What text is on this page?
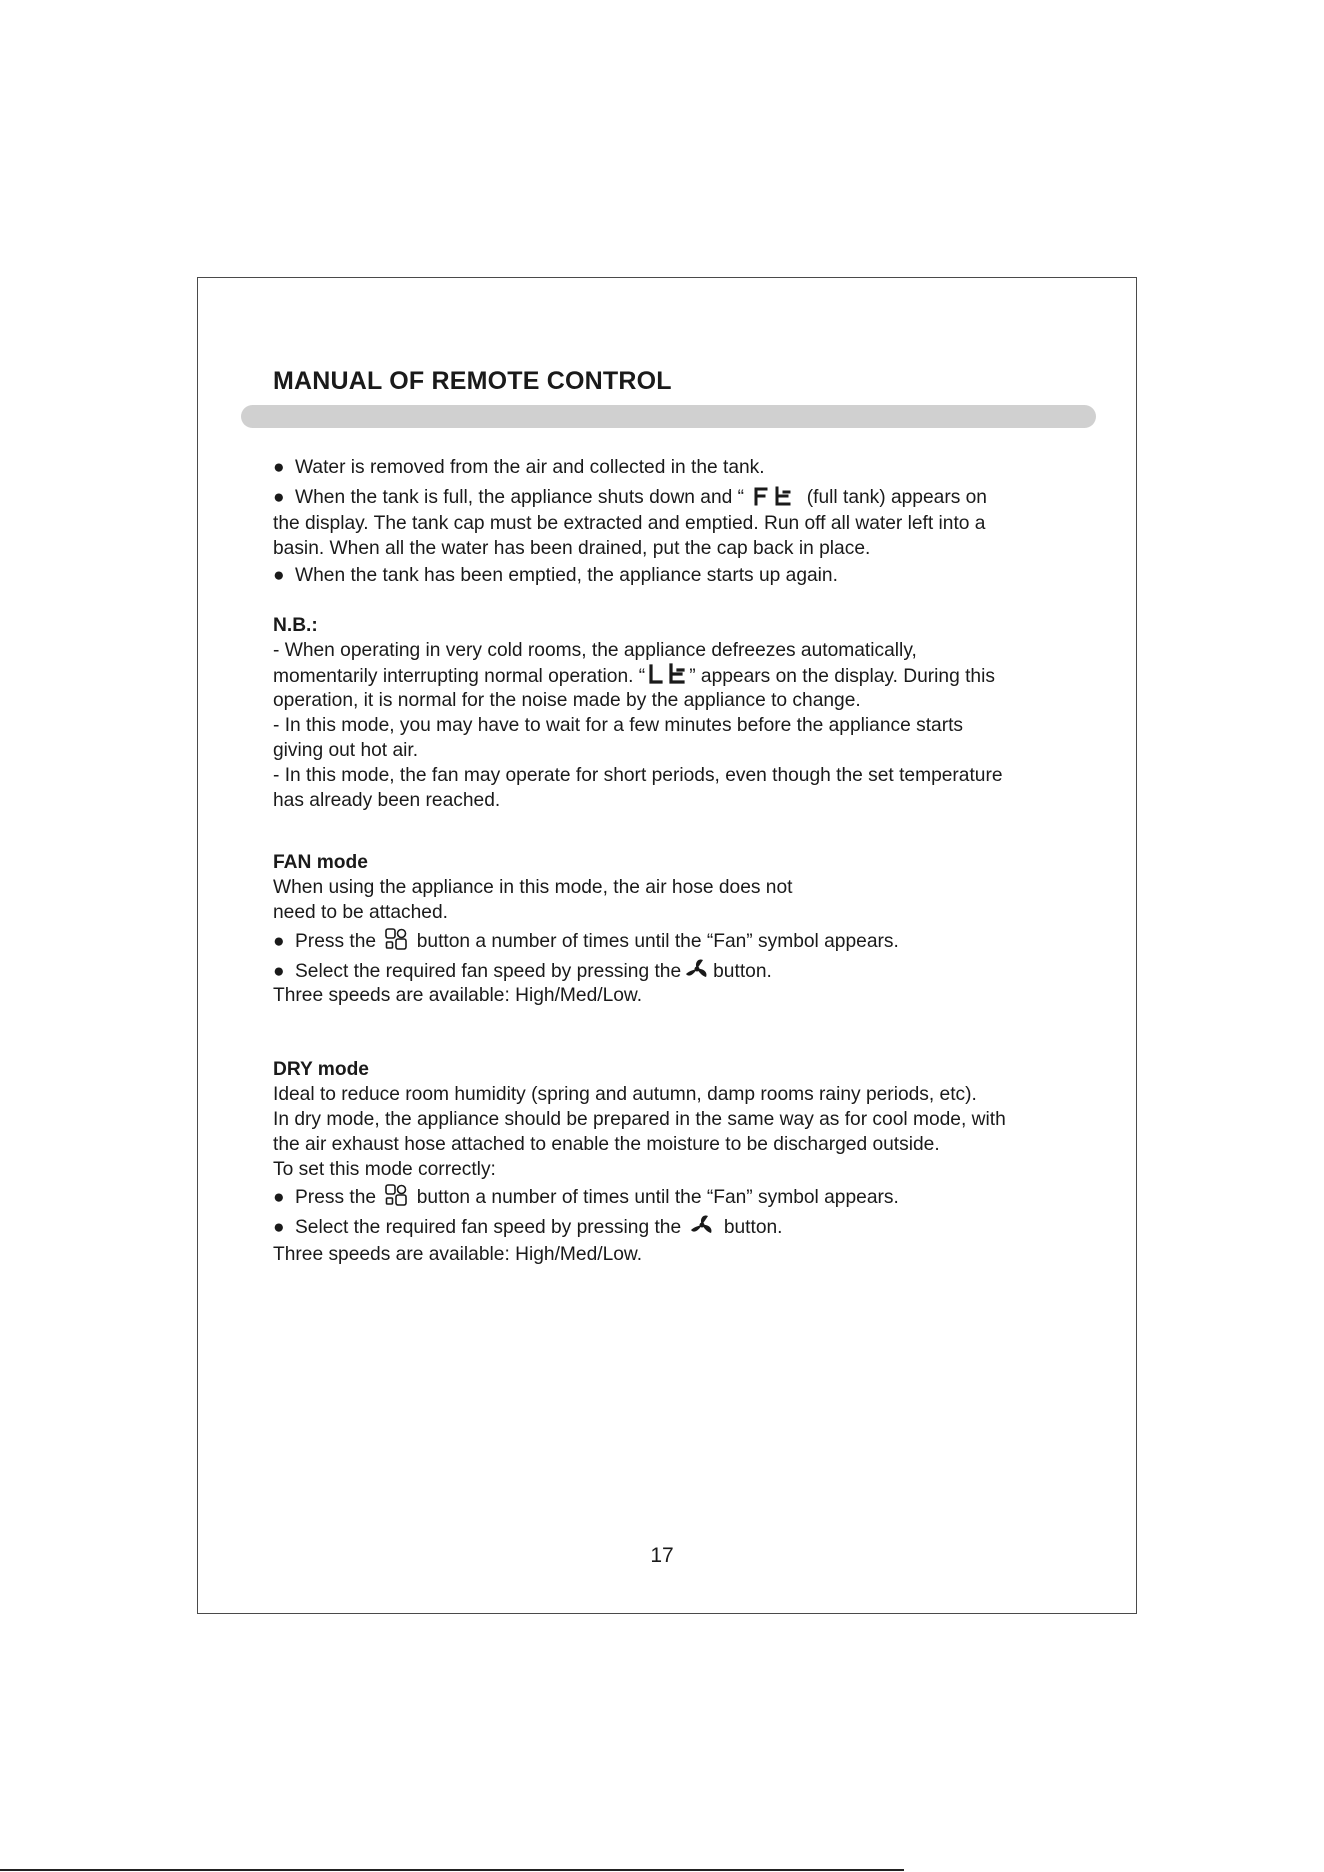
MANUAL OF REMOTE CONTROL
● Water is removed from the air and collected in the tank.
● When the tank is full, the appliance shuts down and “	(full tank) appears on
the display. The tank cap must be extracted and emptied. Run off all water left into a
basin. When all the water has been drained, put the cap back in place.
● When the tank has been emptied, the appliance starts up again.
N.B.:
- When operating in very cold rooms, the appliance defreezes automatically,
momentarily interrupting normal operation. “ ” appears on the display. During this
operation, it is normal for the noise made by the appliance to change.
- In this mode, you may have to wait for a few minutes before the appliance starts
giving out hot air.
- In this mode, the fan may operate for short periods, even though the set temperature
has already been reached.
FAN mode
When using the appliance in this mode, the air hose does not
need to be attached.
● Press the button a number of times until the “Fan” symbol appears.
● Select the required fan speed by pressing the button.
Three speeds are available: High/Med/Low.
DRY mode
Ideal to reduce room humidity (spring and autumn, damp rooms rainy periods, etc).
In dry mode, the appliance should be prepared in the same way as for cool mode, with
the air exhaust hose attached to enable the moisture to be discharged outside.
To set this mode correctly:
● Press the button a number of times until the “Fan” symbol appears.
● Select the required fan speed by pressing the button.
Three speeds are available: High/Med/Low.
17
